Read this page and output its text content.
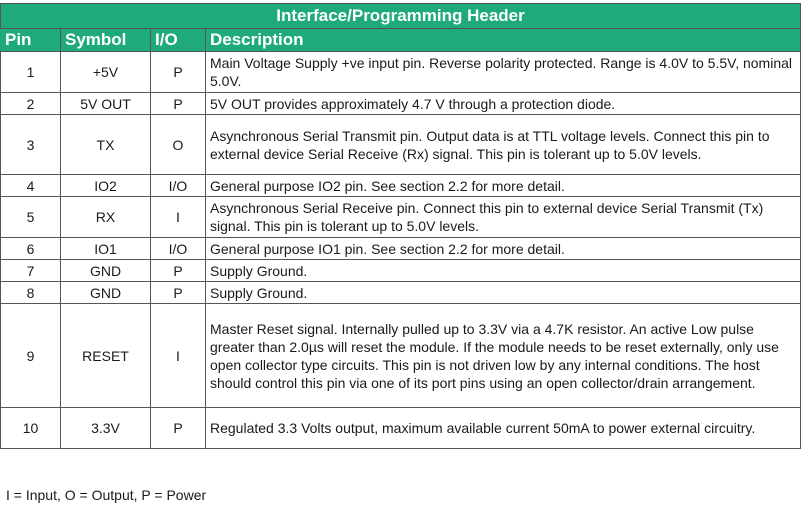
Interface/Programming Header			
Pin	Symbol	I/O	Description
1	+5V	P	Main Voltage Supply +ve input pin. Reverse polarity protected. Range is 4.0V to 5.5V, nominal 5.0V.
2	5V OUT	P	5V OUT provides approximately 4.7 V through a protection diode.
3	TX	O	Asynchronous Serial Transmit pin. Output data is at TTL voltage levels. Connect this pin to external device Serial Receive (Rx) signal. This pin is tolerant up to 5.0V levels.
4	IO2	I/O	General purpose IO2 pin. See section 2.2 for more detail.
5	RX	I	Asynchronous Serial Receive pin. Connect this pin to external device Serial Transmit (Tx) signal. This pin is tolerant up to 5.0V levels.
6	IO1	I/O	General purpose IO1 pin. See section 2.2 for more detail.
7	GND	P	Supply Ground.
8	GND	P	Supply Ground.
9	RESET	I	Master Reset signal. Internally pulled up to 3.3V via a 4.7K resistor. An active Low pulse greater than 2.0µs will reset the module. If the module needs to be reset externally, only use open collector type circuits. This pin is not driven low by any internal conditions. The host should control this pin via one of its port pins using an open collector/drain arrangement.
10	3.3V	P	Regulated 3.3 Volts output, maximum available current 50mA to power external circuitry.
I = Input, O = Output, P = Power
